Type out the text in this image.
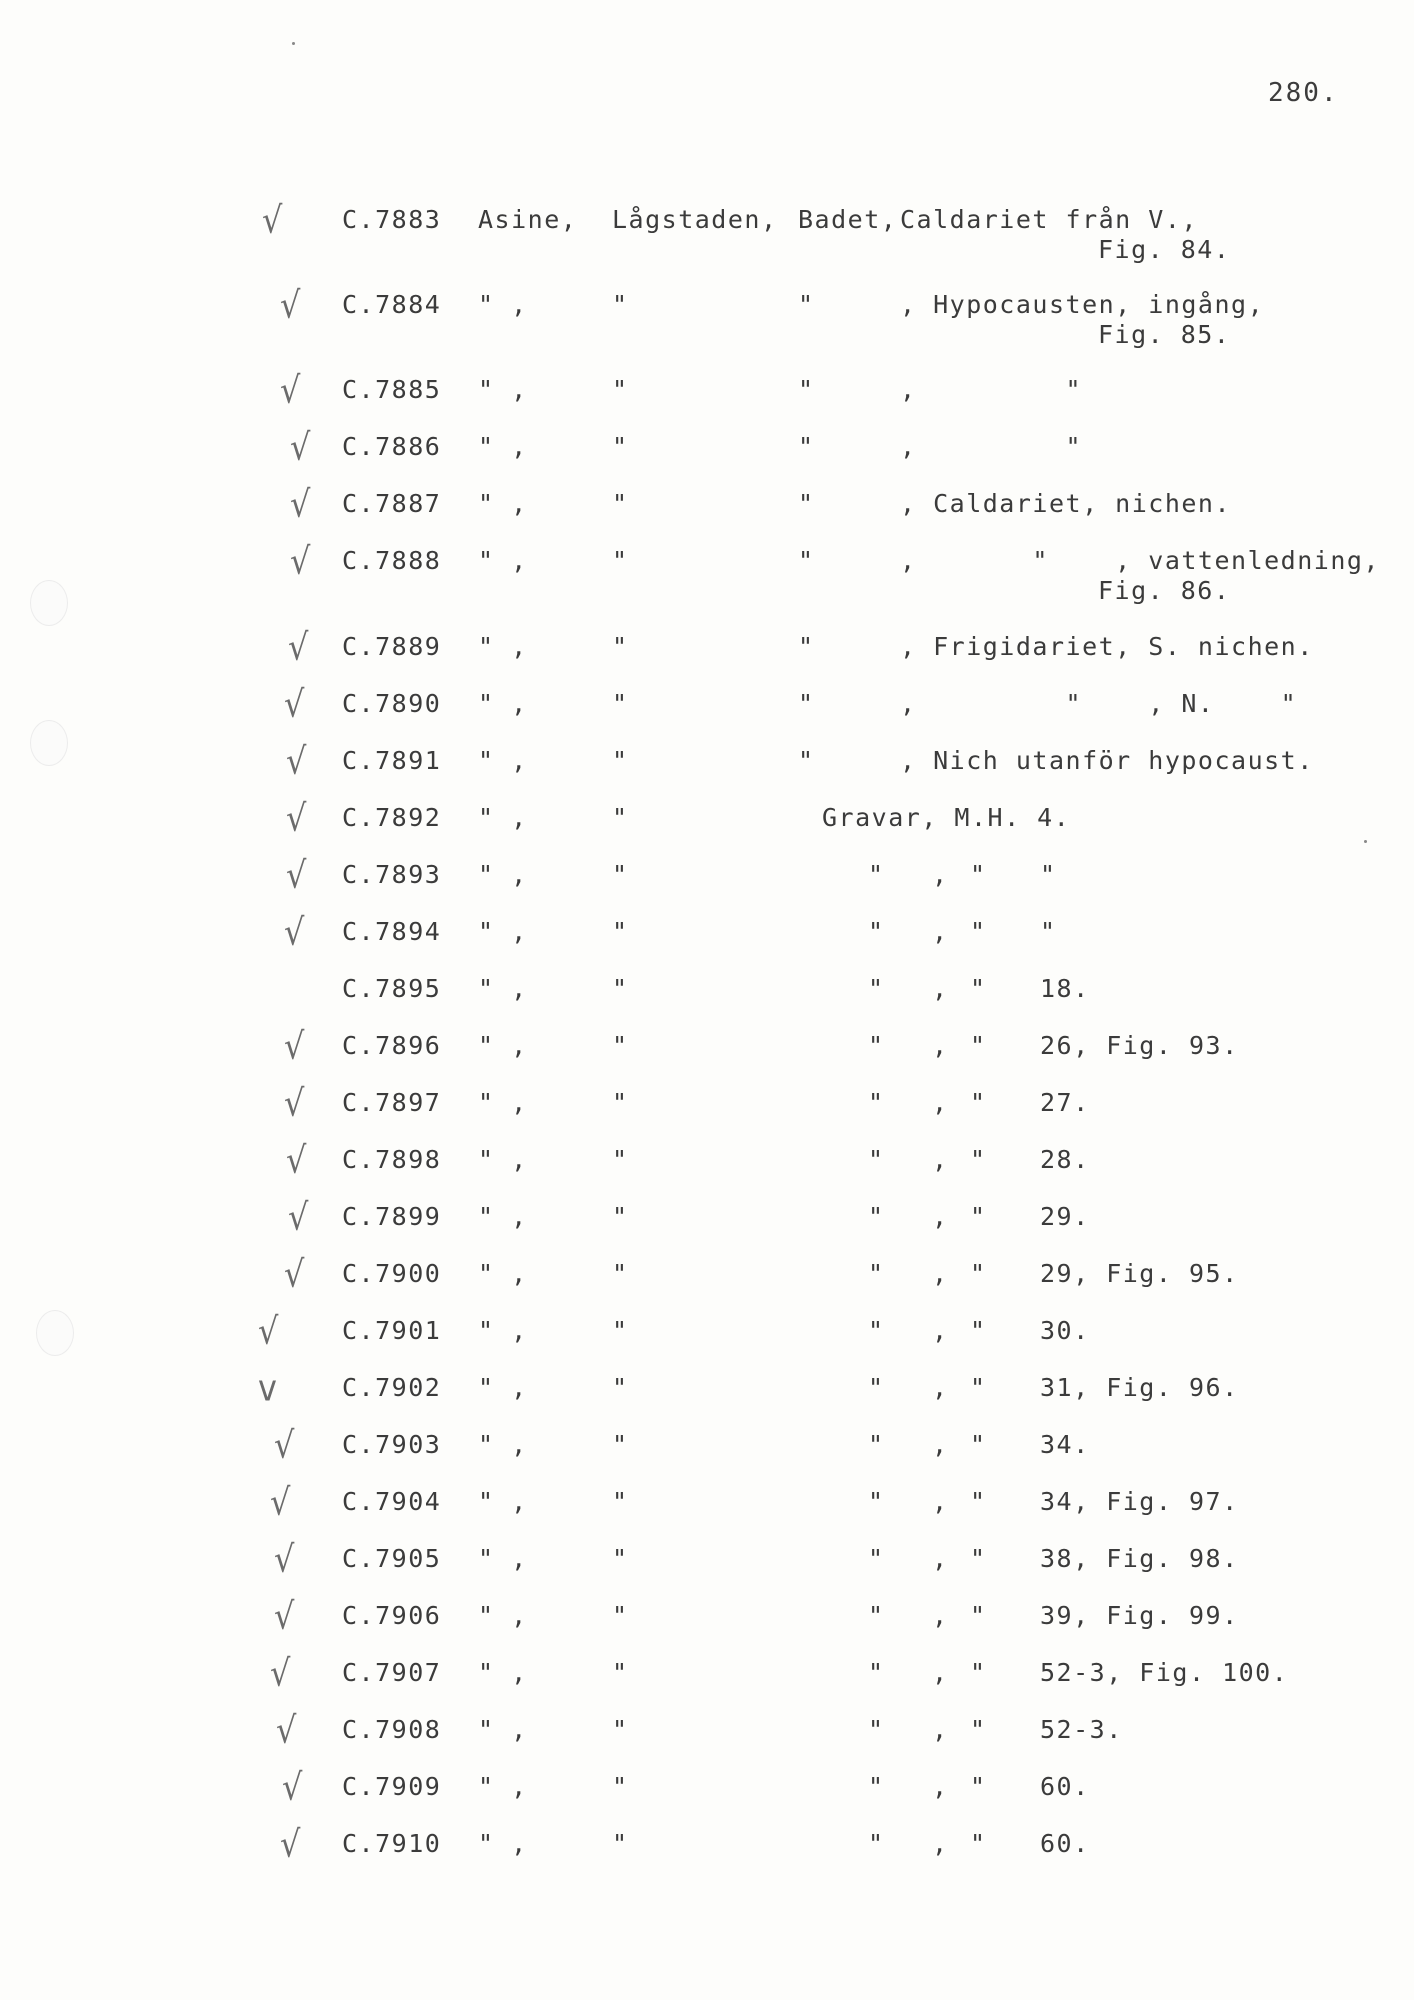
280.
√ C.7883 Asine, Lågstaden, Badet, Caldariet från V.,
Fig. 84.
√ C.7884 " ,	"	"	, Hypocausten, ingång,
Fig. 85.
√ C.7885 " ,	"	"	,         "
√ C.7886 " ,	"	"	,         "
√ C.7887 " ,	"	"	, Caldariet, nichen.
√ C.7888 " ,	"	"	,       "    , vattenledning,
Fig. 86.
√ C.7889 " ,	"	"	, Frigidariet, S. nichen.
√ C.7890 " ,	"	"	,         "    , N.    "
√ C.7891 " ,	"	"	, Nich utanför hypocaust.
√ C.7892 " ,	"	Gravar, M.H. 4.
√ C.7893 " ,	"	" , " "
√ C.7894 " ,	"	" , " "
C.7895 " ,	"	" , " 18.
√ C.7896 " ,	"	" , " 26, Fig. 93.
√ C.7897 " ,	"	" , " 27.
√ C.7898 " ,	"	" , " 28.
√ C.7899 " ,	"	" , " 29.
√ C.7900 " ,	"	" , " 29, Fig. 95.
√	C.7901 " ,	"	" , " 30.
v	C.7902 " ,	"	" , " 31, Fig. 96.
√ C.7903 " ,	"	" , " 34.
√ C.7904 " ,	"	" , " 34, Fig. 97.
√ C.7905 " ,	"	" , " 38, Fig. 98.
√ C.7906 " ,	"	" , " 39, Fig. 99.
√ C.7907 " ,	"	" , " 52-3, Fig. 100.
√ C.7908 " ,	"	" , " 52-3.
√ C.7909 " ,	"	" , " 60.
√ C.7910 " ,	"	" , " 60.
